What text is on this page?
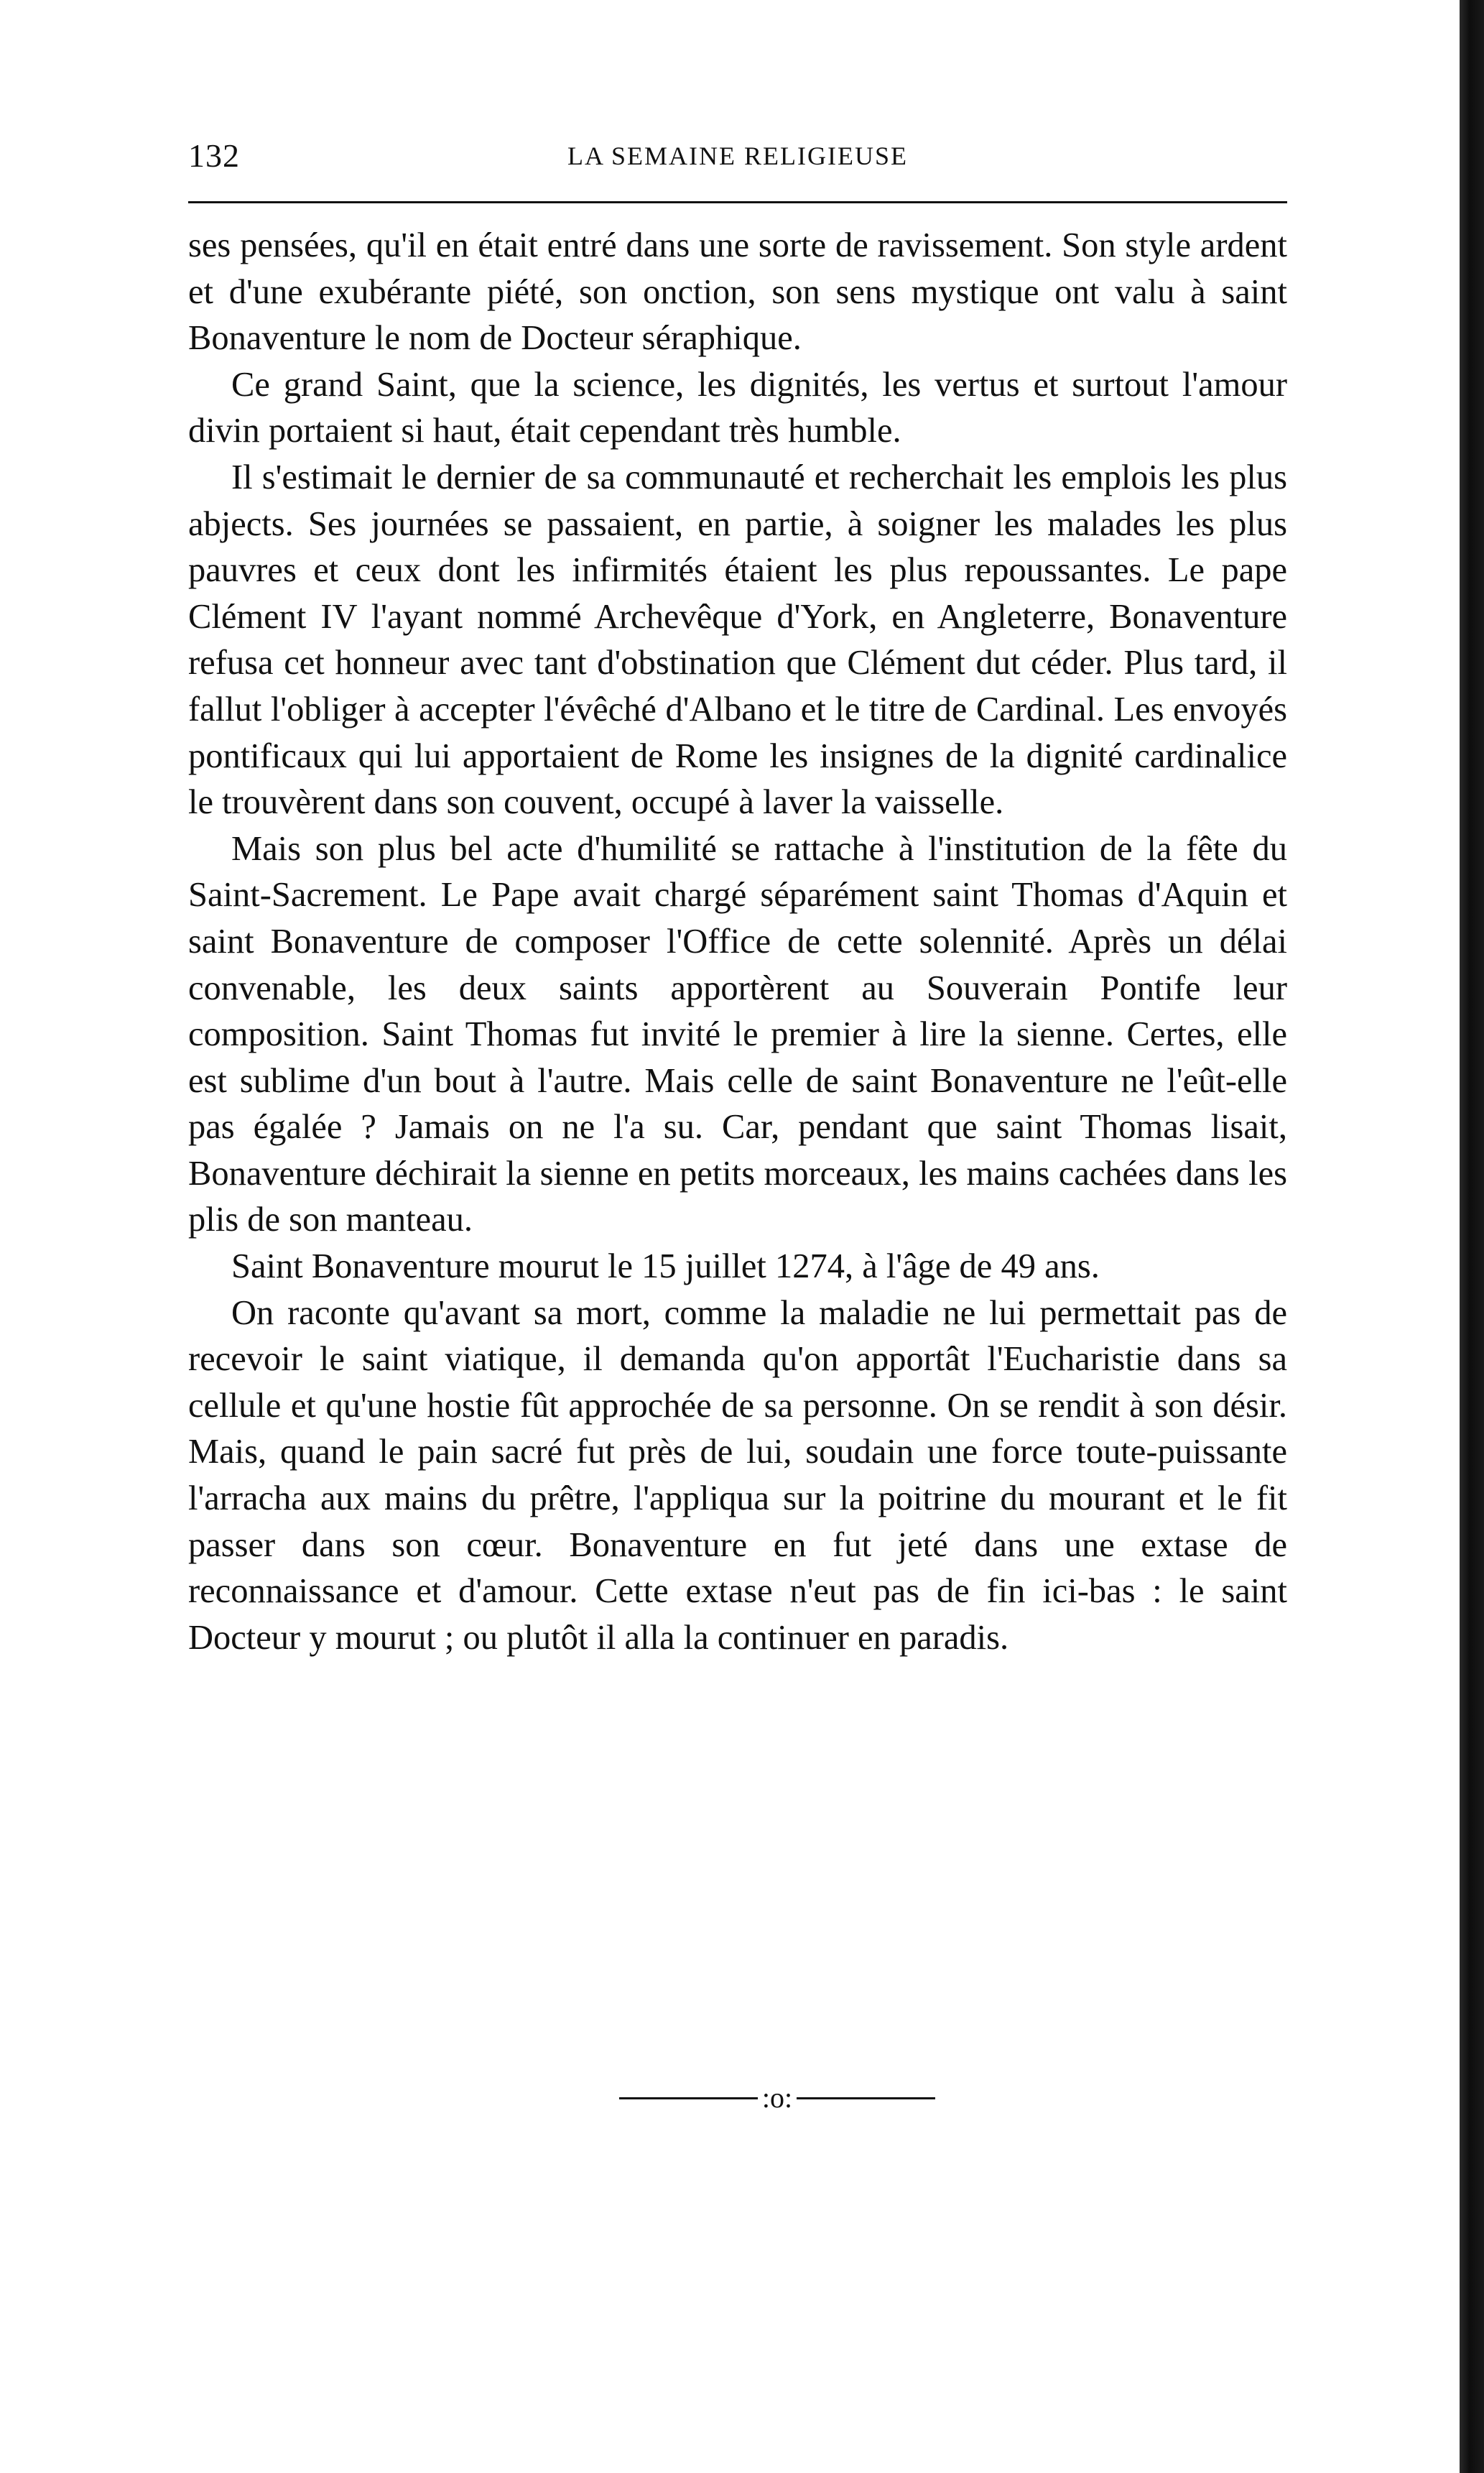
132	LA SEMAINE RELIGIEUSE

ses pensées, qu'il en était entré dans une sorte de ravissement. Son style ardent et d'une exubérante piété, son onction, son sens mystique ont valu à saint Bonaventure le nom de Docteur séraphique.

Ce grand Saint, que la science, les dignités, les vertus et surtout l'amour divin portaient si haut, était cependant très humble.

Il s'estimait le dernier de sa communauté et recherchait les emplois les plus abjects. Ses journées se passaient, en partie, à soigner les malades les plus pauvres et ceux dont les infirmités étaient les plus repoussantes. Le pape Clément IV l'ayant nommé Archevêque d'York, en Angleterre, Bonaventure refusa cet honneur avec tant d'obstination que Clément dut céder. Plus tard, il fallut l'obliger à accepter l'évêché d'Albano et le titre de Cardinal. Les envoyés pontificaux qui lui apportaient de Rome les insignes de la dignité cardinalice le trouvèrent dans son couvent, occupé à laver la vaisselle.

Mais son plus bel acte d'humilité se rattache à l'institution de la fête du Saint-Sacrement. Le Pape avait chargé séparément saint Thomas d'Aquin et saint Bonaventure de composer l'Office de cette solennité. Après un délai convenable, les deux saints apportèrent au Souverain Pontife leur composition. Saint Thomas fut invité le premier à lire la sienne. Certes, elle est sublime d'un bout à l'autre. Mais celle de saint Bonaventure ne l'eût-elle pas égalée ? Jamais on ne l'a su. Car, pendant que saint Thomas lisait, Bonaventure déchirait la sienne en petits morceaux, les mains cachées dans les plis de son manteau.

Saint Bonaventure mourut le 15 juillet 1274, à l'âge de 49 ans.

On raconte qu'avant sa mort, comme la maladie ne lui permettait pas de recevoir le saint viatique, il demanda qu'on apportât l'Eucharistie dans sa cellule et qu'une hostie fût approchée de sa personne. On se rendit à son désir. Mais, quand le pain sacré fut près de lui, soudain une force toute-puissante l'arracha aux mains du prêtre, l'appliqua sur la poitrine du mourant et le fit passer dans son cœur. Bonaventure en fut jeté dans une extase de reconnaissance et d'amour. Cette extase n'eut pas de fin ici-bas : le saint Docteur y mourut ; ou plutôt il alla la continuer en paradis.

:o:
